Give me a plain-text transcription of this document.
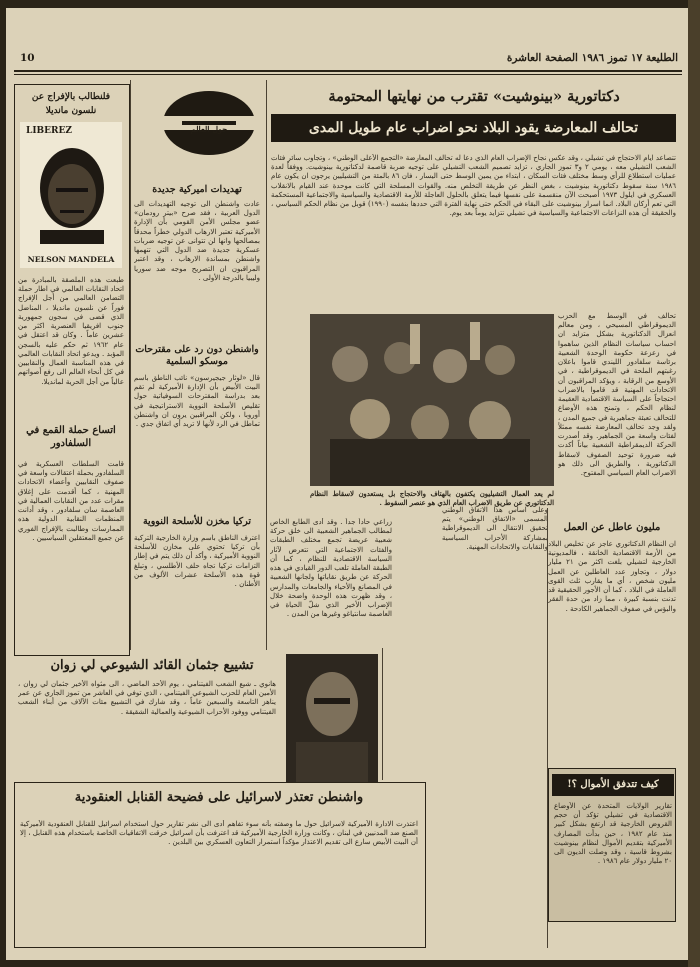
الطليعة ١٧ تموز ١٩٨٦ الصفحة العاشرة
10
دكتاتورية «بينوشيت» تقترب من نهايتها المحتومة
تحالف المعارضة يقود البلاد نحو اضراب عام طويل المدى
تتصاعد ايام الاحتجاج في تشيلي ، وقد عكس نجاح الإضراب العام الذي دعا له تحالف المعارضة «التجمع الأعلى الوطني» ، وتجاوب سائر فئات الشعب التشيلي معه ، يومي ٢ و٣ تموز الجاري ، تزايد تصميم الشعب التشيلي على توجيه ضربة قاصمة لدكتاتورية بينوشيت. ووفقاً لعدة عمليات استطلاع للرأي وسط مختلف فئات السكان ، ابتداء من يمين الوسط حتى اليسار ، فان ٨٦ بالمئة من التشيليين يرجون ان يكون عام ١٩٨٦ سنة سقوط دكتاتورية بينوشيت ، بغض النظر عن طريقة التخلص منه. والقوات المسلحة التي كانت موحدة عند القيام بالانقلاب العسكري في ايلول ١٩٧٣ أصبحت الآن منقسمة على نفسها فيما يتعلق بالحلول العاجلة للأزمة الاقتصادية والسياسية والاجتماعية المستحكمة التي تعم أركان البلاد. انما اسرار بينوشيت على البقاء في الحكم حتى نهاية الفترة التي حددها بنفسه (١٩٩٠) قوبل من نظام الحكم السياسي ، والحقيقة أن هذه النزاعات الاجتماعية والسياسية في تشيلي تتزايد يوماً بعد يوم.
تحالف في الوسط مع الحزب الديموقراطي المسيحي ، ومن معالم انعزال الدكتاتورية بشكل متزايد ان احساب سياسات النظام الذين ساهموا في زعزعة حكومة الوحدة الشعبية برئاسة سلفادور الليندي قاموا باعلان رغبتهم الملحة في الديموقراطية ، في الأوسع من الرقابة ، ويؤكد المراقبون أن الاتحادات المهنية قد قاموا بالاضراب احتجاجاً على السياسة الاقتصادية العقيمة لنظام الحكم ، وتمنح هذه الأوضاع للتحالف تعبئة جماهيرية في جميع المدن ، ولقد وجد تحالف المعارضة نفسه ممثلاً لفئات واسعة من الجماهير. وقد أصدرت الحركة الديمقراطية الشعبية بياناً أكدت فيه ضرورة توحيد الصفوف لاسقاط الدكتاتورية ، والطريق الى ذلك هو الاضراب العام السياسي المفتوح.
وعلى اساس هذا الاتفاق الوطني المسمى «الاتفاق الوطني» يتم تحقيق الانتقال الى الديموقراطية بمشاركة الأحزاب السياسية والنقابات والاتحادات المهنية.
لم يعد العمال التشيليون يكتفون بالهتاف والاحتجاج بل يستعدون لاسقاط النظام الدكتاتوري عن طريق الاضراب العام الذي هو عنصر السقوط .
حول العالم
فلنطالب بالإفراج عن
نلسون مانديلا
LIBEREZ
NELSON MANDELA
طبعت هذه الملصقة بالمبادرة من اتحاد النقابات العالمي في اطار حملة التضامن العالمي من أجل الإفراج فوراً عن نلسون مانديلا ، المناضل الذي قضى في سجون جمهورية جنوب افريقيا العنصرية اكثر من عشرين عاماً . وكان قد اعتقل في عام ١٩٦٢ ثم حكم عليه بالسجن المؤبد . ويدعو اتحاد النقابات العالمي في هذه المناسبة العمال والنقابيين في كل أنحاء العالم الى رفع أصواتهم عالياً من أجل الحرية لمانديلا.
اتساع حملة القمع في السلفادور
قامت السلطات العسكرية في السلفادور بحملة اعتقالات واسعة في صفوف النقابيين وأعضاء الاتحادات المهنية ، كما أقدمت على إغلاق مقرات عدد من النقابات العمالية في العاصمة سان سلفادور ، وقد أدانت المنظمات النقابية الدولية هذه الممارسات وطالبت بالإفراج الفوري عن جميع المعتقلين السياسيين .
تهديدات اميركية جديدة
عادت واشنطن الى توجيه التهديدات الى الدول العربية ، فقد صرح «بيتر رودمان» عضو مجلس الأمن القومي بأن الإدارة الأميركية تعتبر الارهاب الدولي خطراً محدقاً بمصالحها وانها لن تتوانى عن توجيه ضربات عسكرية جديدة ضد الدول التي تتهمها واشنطن بمساندة الارهاب ، وقد اعتبر المراقبون ان التصريح موجه ضد سوريا وليبيا بالدرجة الأولى .
واشنطن دون رد على مقترحات موسكو السلمية
قال «لوثار جيجيرسون» نائب الناطق باسم البيت الأبيض بأن الإدارة الأميركية لم تقم بعد بدراسة المقترحات السوفياتية حول تقليص الأسلحة النووية الاستراتيجية في أوروبا ، ولكن المراقبين يرون ان واشنطن تماطل في الرد لأنها لا تريد أي اتفاق جدي .
تركيا مخزن للأسلحة النووية
اعترف الناطق باسم وزارة الخارجية التركية بأن تركيا تحتوي على مخازن للأسلحة النووية الأميركية ، وأكد أن ذلك يتم في إطار التزامات تركيا تجاه حلف الأطلسي ، وتبلغ قوة هذه الأسلحة عشرات الألوف من الأطنان .
زراعي حاداً جداً . وقد أدى الطابع الخاص لمطالب الجماهير الشعبية الى خلق حركة شعبية عريضة تجمع مختلف الطبقات والفئات الاجتماعية التي تتعرض لآثار السياسة الاقتصادية للنظام ، كما أن الطبقة العاملة تلعب الدور القيادي في هذه الحركة عن طريق نقاباتها ولجانها الشعبية في المصانع والأحياء والجامعات والمدارس ، وقد ظهرت هذه الوحدة واضحة خلال الإضراب الأخير الذي شلّ الحياة في العاصمة سانتياغو وغيرها من المدن .
مليون عاطل عن العمل
ان النظام الدكتاتوري عاجز عن تخليص البلاد من الأزمة الاقتصادية الخانقة ، فالمديونية الخارجية لتشيلي بلغت اكثر من ٢١ مليار دولار ، وتجاوز عدد العاطلين عن العمل مليون شخص ، أي ما يقارب ثلث القوى العاملة في البلاد ، كما أن الأجور الحقيقية قد تدنت بنسبة كبيرة ، مما زاد من حدة الفقر والبؤس في صفوف الجماهير الكادحة .
تشييع جثمان القائد الشيوعي لي زوان
هانوي ـ شيع الشعب الفيتنامي ، يوم الأحد الماضي ، الى مثواه الأخير جثمان لي زوان ، الأمين العام للحزب الشيوعي الفيتنامي ، الذي توفي في العاشر من تموز الجاري عن عمر يناهز التاسعة والسبعين عاماً ، وقد شارك في التشييع مئات الآلاف من أبناء الشعب الفيتنامي ووفود الأحزاب الشيوعية والعمالية الشقيقة .
واشنطن تعتذر لاسرائيل على فضيحة القنابل العنقودية
اعتذرت الادارة الأميركية لاسرائيل حول ما وصفته بأنه سوء تفاهم أدى الى نشر تقارير حول استخدام اسرائيل للقنابل العنقودية الأميركية الصنع ضد المدنيين في لبنان ، وكانت وزارة الخارجية الأميركية قد اعترفت بأن اسرائيل خرقت الاتفاقيات الخاصة باستخدام هذه القنابل ، إلا أن البيت الأبيض سارع الى تقديم الاعتذار مؤكداً استمرار التعاون العسكري بين البلدين .
كيف تتدفق الأموال ؟!
تقارير الولايات المتحدة عن الأوضاع الاقتصادية في تشيلي تؤكد أن حجم القروض الخارجية قد ارتفع بشكل كبير منذ عام ١٩٨٢ ، حين بدأت المصارف الأميركية بتقديم الأموال لنظام بينوشيت بشروط قاسية ، وقد وصلت الديون الى ٢٠ مليار دولار عام ١٩٨٦ .
